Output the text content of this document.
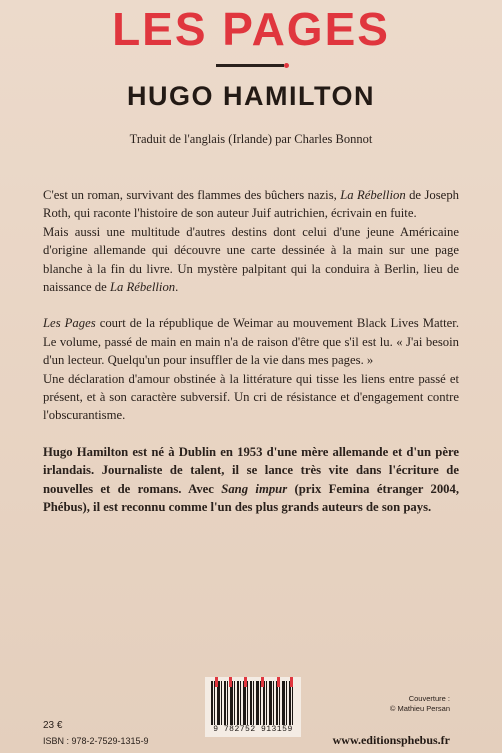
LES PAGES
HUGO HAMILTON
Traduit de l'anglais (Irlande) par Charles Bonnot

C'est un roman, survivant des flammes des bûchers nazis, La Rébellion de Joseph Roth, qui raconte l'histoire de son auteur Juif autrichien, écrivain en fuite.

Mais aussi une multitude d'autres destins dont celui d'une jeune Américaine d'origine allemande qui découvre une carte dessinée à la main sur une page blanche à la fin du livre. Un mystère palpitant qui la conduira à Berlin, lieu de naissance de La Rébellion.

Les Pages court de la république de Weimar au mouvement Black Lives Matter. Le volume, passé de main en main n'a de raison d'être que s'il est lu. « J'ai besoin d'un lecteur. Quelqu'un pour insuffler de la vie dans mes pages. »

Une déclaration d'amour obstinée à la littérature qui tisse les liens entre passé et présent, et à son caractère subversif. Un cri de résistance et d'engagement contre l'obscurantisme.

Hugo Hamilton est né à Dublin en 1953 d'une mère allemande et d'un père irlandais. Journaliste de talent, il se lance très vite dans l'écriture de nouvelles et de romans. Avec Sang impur (prix Femina étranger 2004, Phébus), il est reconnu comme l'un des plus grands auteurs de son pays.

23 €
ISBN : 978-2-7529-1315-9
9 782752 913159
Couverture :
© Mathieu Persan
www.editionsphebus.fr
